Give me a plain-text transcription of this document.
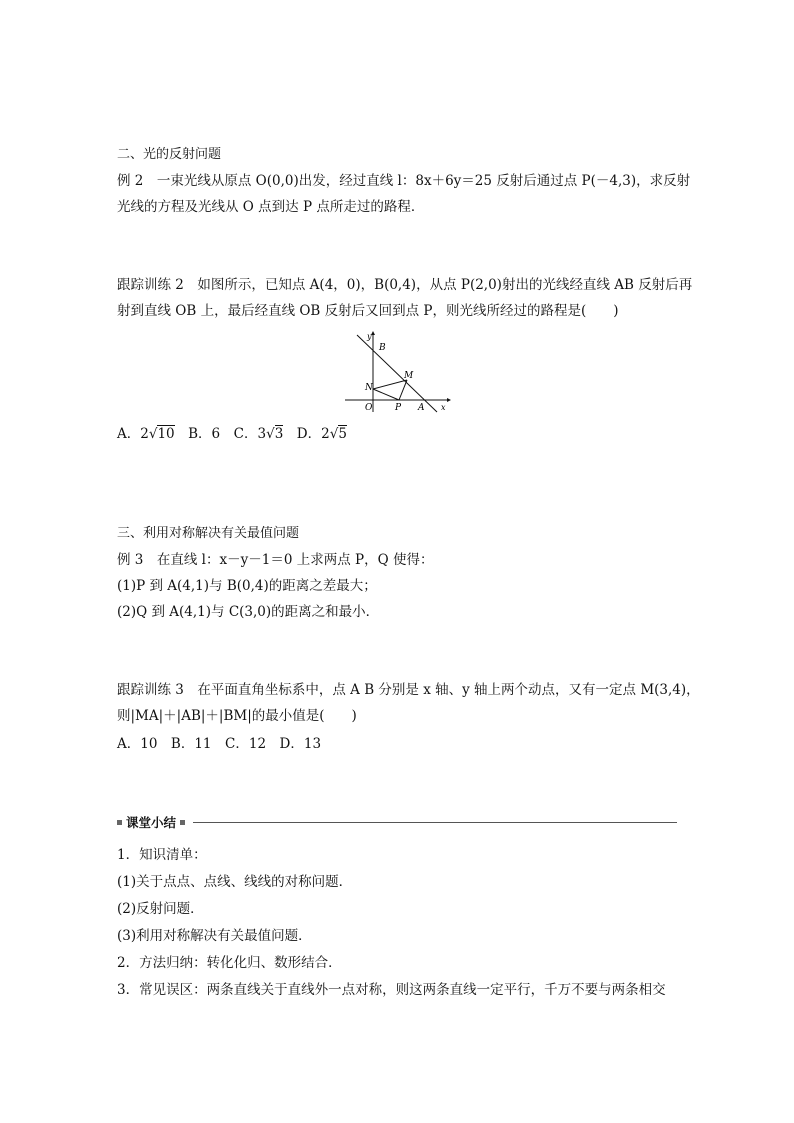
二、光的反射问题
例 2　 一束光线从原点 O(0,0)出发，经过直线 l：8x＋6y＝25 反射后通过点 P(－4,3)，求反射
光线的方程及光线从 O 点到达 P 点所走过的路程．
跟踪训练 2　 如图所示，已知点 A(4，0)，B(0,4)，从点 P(2,0)射出的光线经直线 AB 反射后再
射到直线 OB 上，最后经直线 OB 反射后又回到点 P，则光线所经过的路程是(　　)
y
B
M
N
O	P A x
A．2√10　 B．6　 C．3√3　 D．2√5
三、利用对称解决有关最值问题
例 3　 在直线 l：x－y－1＝0 上求两点 P，Q 使得：
(1)P 到 A(4,1)与 B(0,4)的距离之差最大；
(2)Q 到 A(4,1)与 C(3,0)的距离之和最小．
跟踪训练 3　 在平面直角坐标系中，点 A B 分别是 x 轴、y 轴上两个动点，又有一定点 M(3,4)，
则|MA|＋|AB|＋|BM|的最小值是(　　)
A．10　B．11　C．12　D．13
课堂小结
1．知识清单：
(1)关于点点、点线、线线的对称问题．
(2)反射问题．
(3)利用对称解决有关最值问题．
2．方法归纳：转化化归、数形结合．
3．常见误区：两条直线关于直线外一点对称，则这两条直线一定平行，千万不要与两条相交
